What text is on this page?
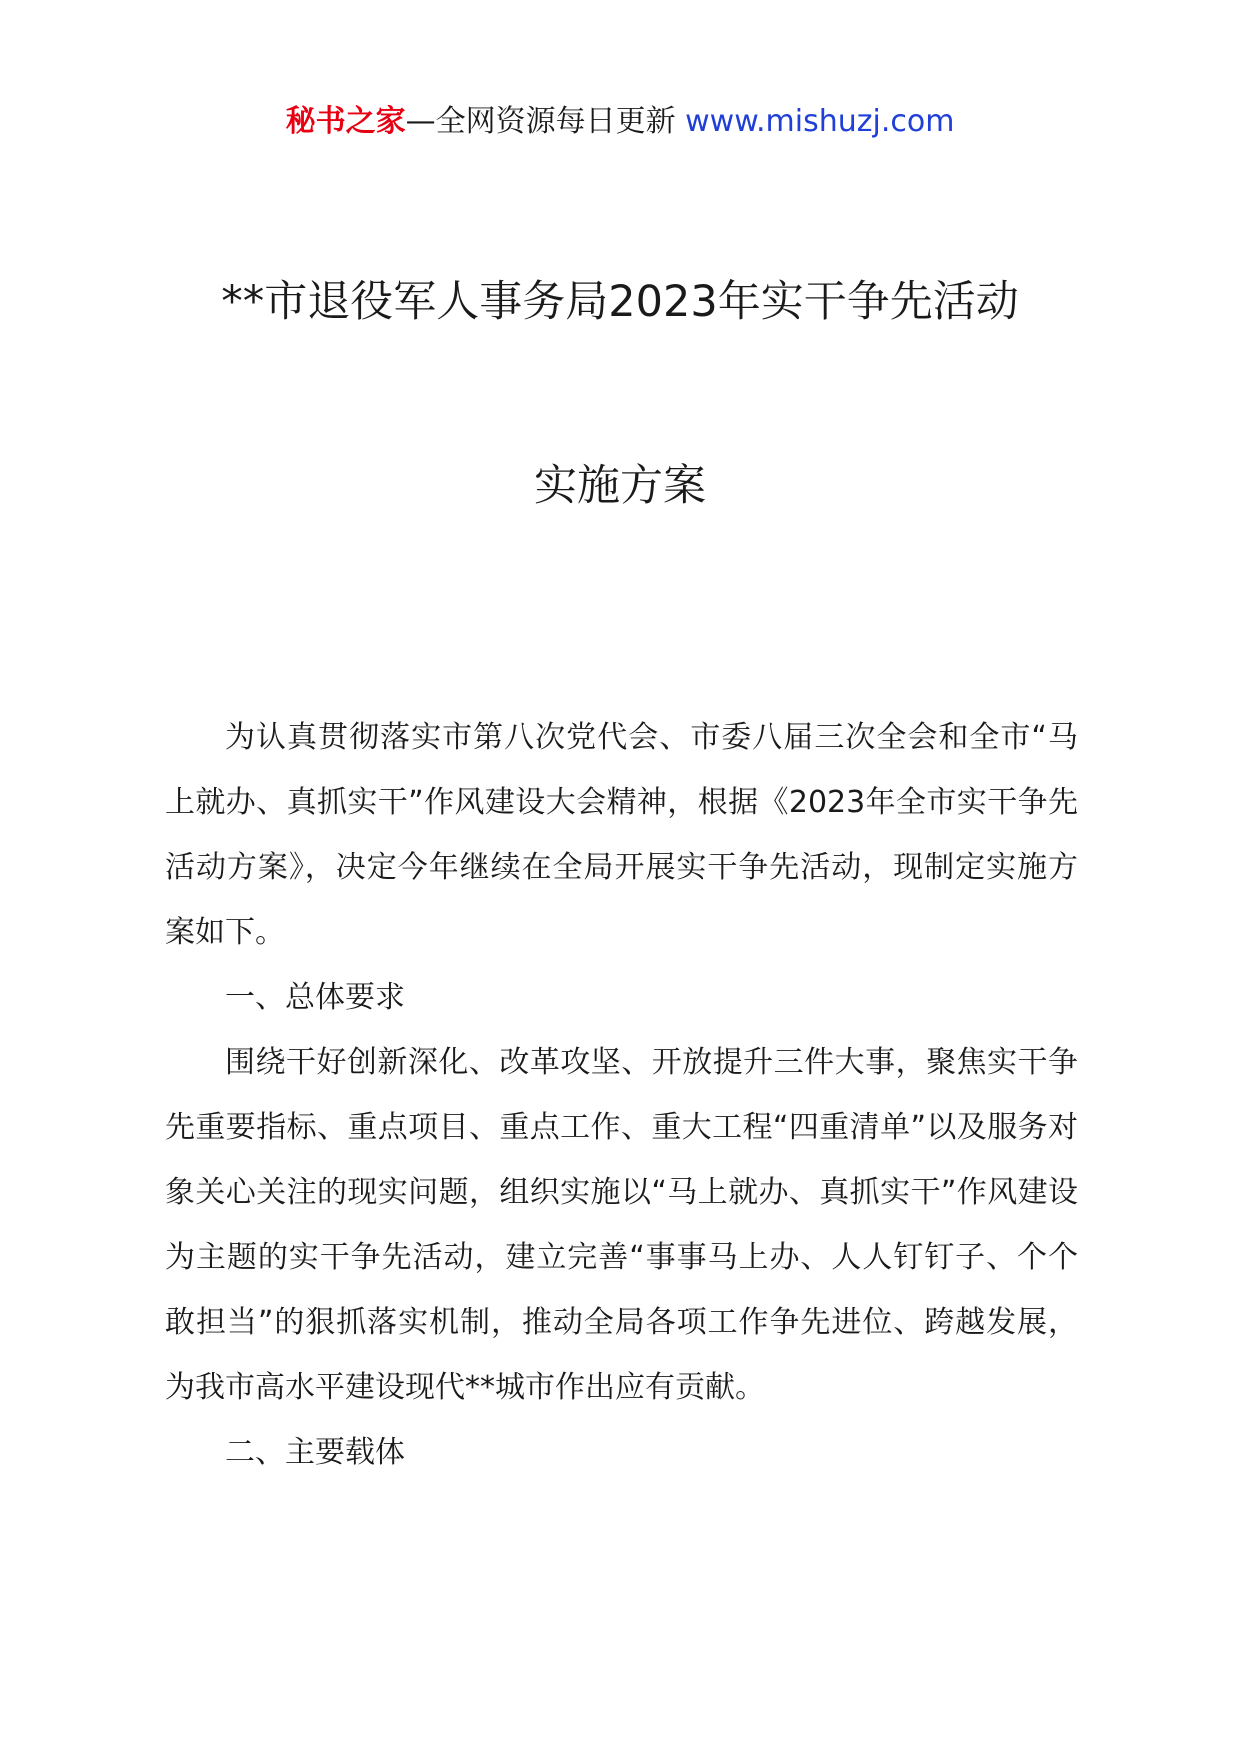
秘书之家—全网资源每日更新 www.mishuzj.com
**市退役军人事务局2023年实干争先活动
实施方案

为认真贯彻落实市第八次党代会、市委八届三次全会和全市“马上就办、真抓实干”作风建设大会精神，根据《2023年全市实干争先活动方案》，决定今年继续在全局开展实干争先活动，现制定实施方案如下。

一、总体要求

围绕干好创新深化、改革攻坚、开放提升三件大事，聚焦实干争先重要指标、重点项目、重点工作、重大工程“四重清单”以及服务对象关心关注的现实问题，组织实施以“马上就办、真抓实干”作风建设为主题的实干争先活动，建立完善“事事马上办、人人钉钉子、个个敢担当”的狠抓落实机制，推动全局各项工作争先进位、跨越发展，为我市高水平建设现代**城市作出应有贡献。

二、主要载体
